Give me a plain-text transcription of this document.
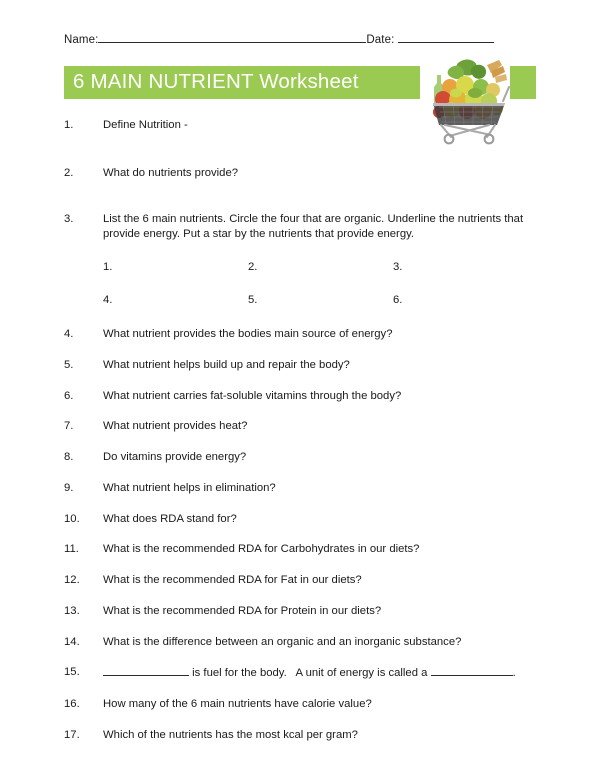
Name:	Date:
6 MAIN NUTRIENT Worksheet
1.	Define Nutrition -
2.	What do nutrients provide?
3.	List the 6 main nutrients. Circle the four that are organic. Underline the nutrients that provide energy. Put a star by the nutrients that provide energy.
1.	2.	3.
4.	5.	6.
4.	What nutrient provides the bodies main source of energy?
5.	What nutrient helps build up and repair the body?
6.	What nutrient carries fat-soluble vitamins through the body?
7.	What nutrient provides heat?
8.	Do vitamins provide energy?
9.	What nutrient helps in elimination?
10.	What does RDA stand for?
11.	What is the recommended RDA for Carbohydrates in our diets?
12.	What is the recommended RDA for Fat in our diets?
13.	What is the recommended RDA for Protein in our diets?
14.	What is the difference between an organic and an inorganic substance?
15.	is fuel for the body.   A unit of energy is called a	.
16.	How many of the 6 main nutrients have calorie value?
17.	Which of the nutrients has the most kcal per gram?
